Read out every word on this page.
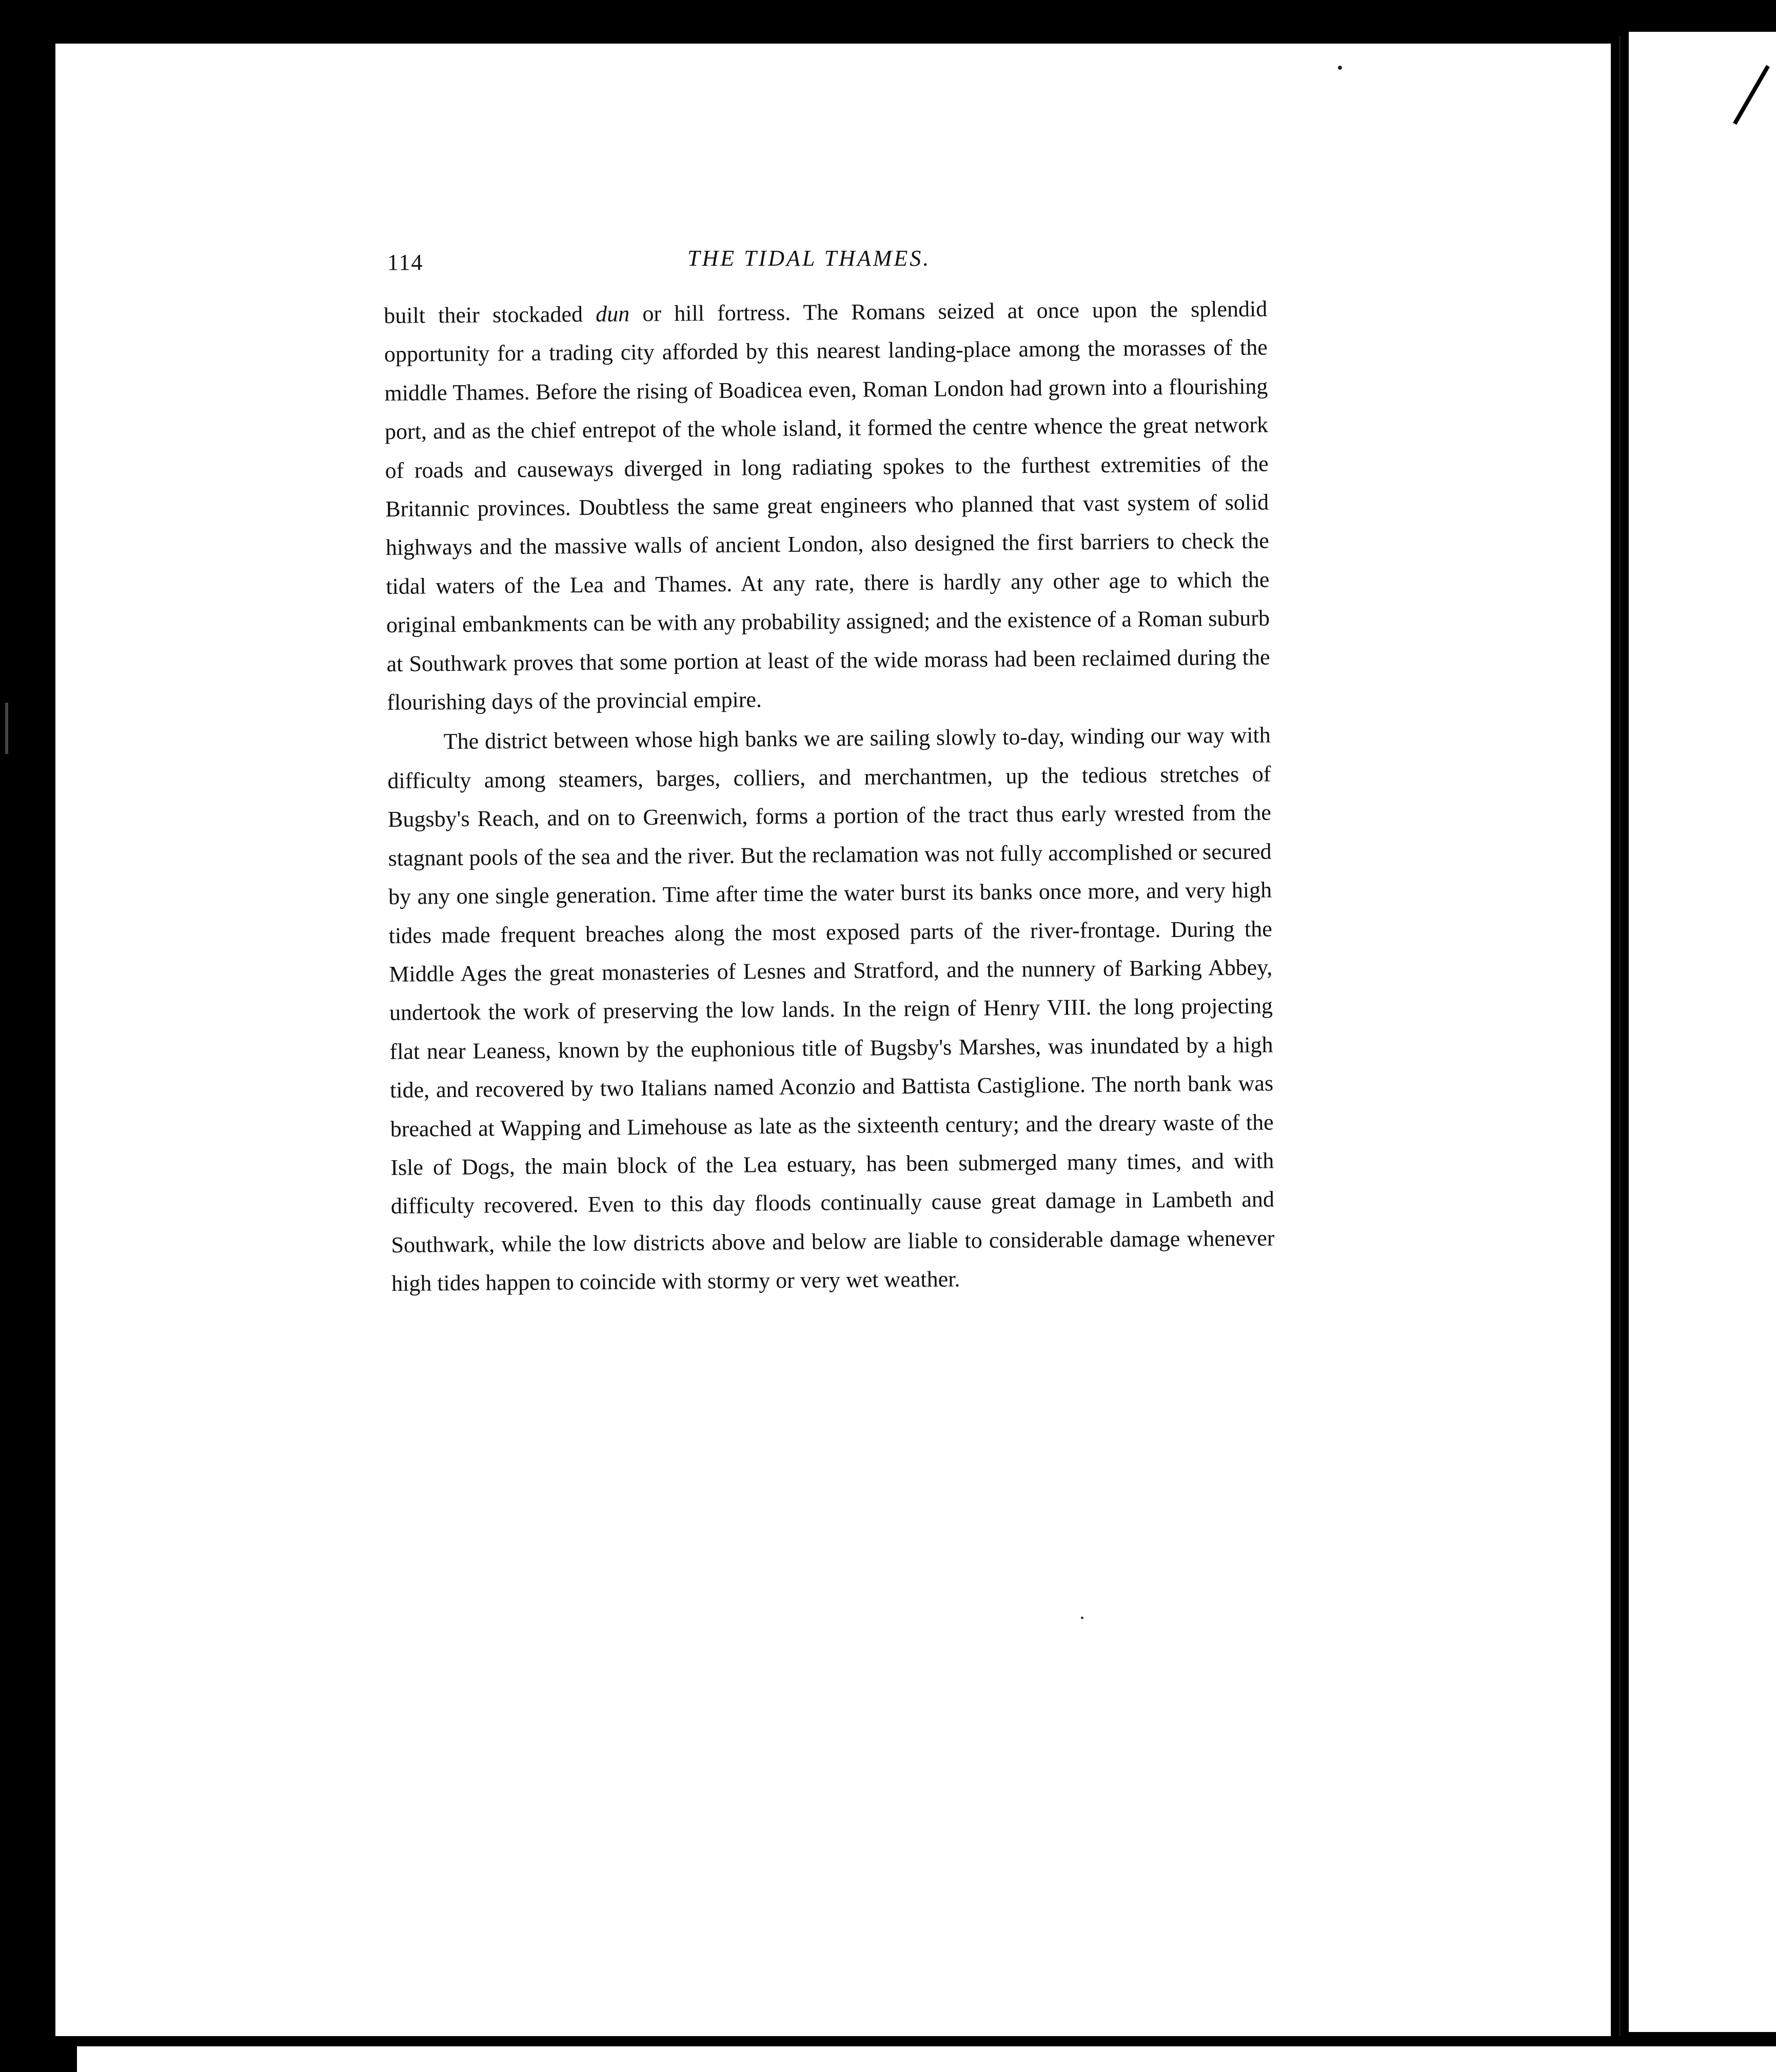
114	THE TIDAL THAMES.

built their stockaded dun or hill fortress. The Romans seized at once upon the splendid opportunity for a trading city afforded by this nearest landing-place among the morasses of the middle Thames. Before the rising of Boadicea even, Roman London had grown into a flourishing port, and as the chief entrepot of the whole island, it formed the centre whence the great network of roads and causeways diverged in long radiating spokes to the furthest extremities of the Britannic provinces. Doubtless the same great engineers who planned that vast system of solid highways and the massive walls of ancient London, also designed the first barriers to check the tidal waters of the Lea and Thames. At any rate, there is hardly any other age to which the original embankments can be with any probability assigned; and the existence of a Roman suburb at Southwark proves that some portion at least of the wide morass had been reclaimed during the flourishing days of the provincial empire.

The district between whose high banks we are sailing slowly to-day, winding our way with difficulty among steamers, barges, colliers, and merchantmen, up the tedious stretches of Bugsby's Reach, and on to Greenwich, forms a portion of the tract thus early wrested from the stagnant pools of the sea and the river. But the reclamation was not fully accomplished or secured by any one single generation. Time after time the water burst its banks once more, and very high tides made frequent breaches along the most exposed parts of the river-frontage. During the Middle Ages the great monasteries of Lesnes and Stratford, and the nunnery of Barking Abbey, undertook the work of preserving the low lands. In the reign of Henry VIII. the long projecting flat near Leaness, known by the euphonious title of Bugsby's Marshes, was inundated by a high tide, and recovered by two Italians named Aconzio and Battista Castiglione. The north bank was breached at Wapping and Limehouse as late as the sixteenth century; and the dreary waste of the Isle of Dogs, the main block of the Lea estuary, has been submerged many times, and with difficulty recovered. Even to this day floods continually cause great damage in Lambeth and Southwark, while the low districts above and below are liable to considerable damage whenever high tides happen to coincide with stormy or very wet weather.
